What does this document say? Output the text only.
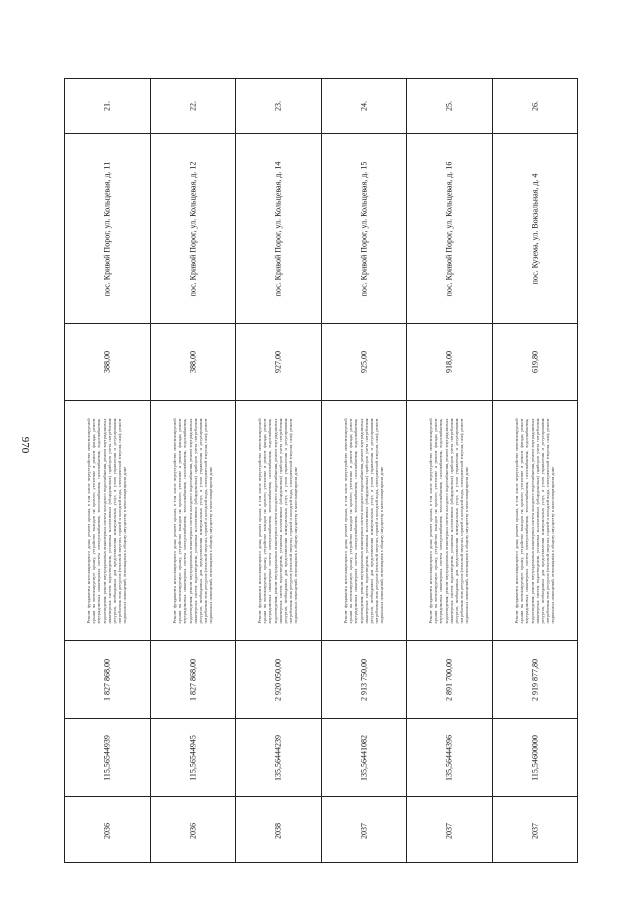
970
21.
пос. Кривой Порог, ул. Кольцевая, д. 11
388,00
Ремонт фундамента многоквартирного дома; ремонт крыши, в том числе переустройство невентилируемой крыши на вентилируемую крышу, устройство выходов на кровлю; утепление и ремонт фасада; ремонт внутридомовых инженерных систем электроснабжения, теплоснабжения, газоснабжения, водоснабжения, водоотведения; ремонт внутридомовых инженерных систем холодного водоснабжения, ремонт внутридомовых инженерных систем водоотведения, установка коллективных (общедомовых) приборов учета потребления ресурсов, необходимых для предоставления коммунальных услуг, и узлов управления и регулирования потребления этих ресурсов (тепловой энергии, горячей и холодной воды, электрической энергии, газа); ремонт подвальных помещений, относящихся к общему имуществу в многоквартирном доме
1 827 868,00
115,56544939
2036
22.
пос. Кривой Порог, ул. Кольцевая, д. 12
388,00
Ремонт фундамента многоквартирного дома; ремонт крыши, в том числе переустройство невентилируемой крыши на вентилируемую крышу, устройство выходов на кровлю; утепление и ремонт фасада; ремонт внутридомовых инженерных систем электроснабжения, теплоснабжения, газоснабжения, водоснабжения, водоотведения; ремонт внутридомовых инженерных систем холодного водоснабжения, ремонт внутридомовых инженерных систем водоотведения, установка коллективных (общедомовых) приборов учета потребления ресурсов, необходимых для предоставления коммунальных услуг, и узлов управления и регулирования потребления этих ресурсов (тепловой энергии, горячей и холодной воды, электрической энергии, газа); ремонт подвальных помещений, относящихся к общему имуществу в многоквартирном доме
1 827 868,00
115,56544945
2036
23.
пос. Кривой Порог, ул. Кольцевая, д. 14
927,00
Ремонт фундамента многоквартирного дома; ремонт крыши, в том числе переустройство невентилируемой крыши на вентилируемую крышу, устройство выходов на кровлю; утепление и ремонт фасада; ремонт внутридомовых инженерных систем электроснабжения, теплоснабжения, газоснабжения, водоснабжения, водоотведения; ремонт внутридомовых инженерных систем холодного водоснабжения, ремонт внутридомовых инженерных систем водоотведения, установка коллективных (общедомовых) приборов учета потребления ресурсов, необходимых для предоставления коммунальных услуг, и узлов управления и регулирования потребления этих ресурсов (тепловой энергии, горячей и холодной воды, электрической энергии, газа); ремонт подвальных помещений, относящихся к общему имуществу в многоквартирном доме
2 920 050,00
135,56444239
2038
24.
пос. Кривой Порог, ул. Кольцевая, д. 15
925,00
Ремонт фундамента многоквартирного дома; ремонт крыши, в том числе переустройство невентилируемой крыши на вентилируемую крышу, устройство выходов на кровлю; утепление и ремонт фасада; ремонт внутридомовых инженерных систем электроснабжения, теплоснабжения, газоснабжения, водоснабжения, водоотведения; ремонт внутридомовых инженерных систем холодного водоснабжения, ремонт внутридомовых инженерных систем водоотведения, установка коллективных (общедомовых) приборов учета потребления ресурсов, необходимых для предоставления коммунальных услуг, и узлов управления и регулирования потребления этих ресурсов (тепловой энергии, горячей и холодной воды, электрической энергии, газа); ремонт подвальных помещений, относящихся к общему имуществу в многоквартирном доме
2 913 750,00
135,56441082
2037
25.
пос. Кривой Порог, ул. Кольцевая, д. 16
918,00
Ремонт фундамента многоквартирного дома; ремонт крыши, в том числе переустройство невентилируемой крыши на вентилируемую крышу, устройство выходов на кровлю; утепление и ремонт фасада; ремонт внутридомовых инженерных систем электроснабжения, теплоснабжения, газоснабжения, водоснабжения, водоотведения; ремонт внутридомовых инженерных систем холодного водоснабжения, ремонт внутридомовых инженерных систем водоотведения, установка коллективных (общедомовых) приборов учета потребления ресурсов, необходимых для предоставления коммунальных услуг, и узлов управления и регулирования потребления этих ресурсов (тепловой энергии, горячей и холодной воды, электрической энергии, газа); ремонт подвальных помещений, относящихся к общему имуществу в многоквартирном доме
2 891 700,00
135,56444396
2037
26.
пос. Кузема, ул. Вокзальная, д. 4
619,80
Ремонт фундамента многоквартирного дома; ремонт крыши, в том числе переустройство невентилируемой крыши на вентилируемую крышу, устройство выходов на кровлю; утепление и ремонт фасада; ремонт внутридомовых инженерных систем электроснабжения, теплоснабжения, газоснабжения, водоснабжения, водоотведения; ремонт внутридомовых инженерных систем холодного водоснабжения, ремонт внутридомовых инженерных систем водоотведения, установка коллективных (общедомовых) приборов учета потребления ресурсов, необходимых для предоставления коммунальных услуг, и узлов управления и регулирования потребления этих ресурсов (тепловой энергии, горячей и холодной воды, электрической энергии, газа); ремонт подвальных помещений, относящихся к общему имуществу в многоквартирном доме
2 919 877,80
115,54600000
2037
